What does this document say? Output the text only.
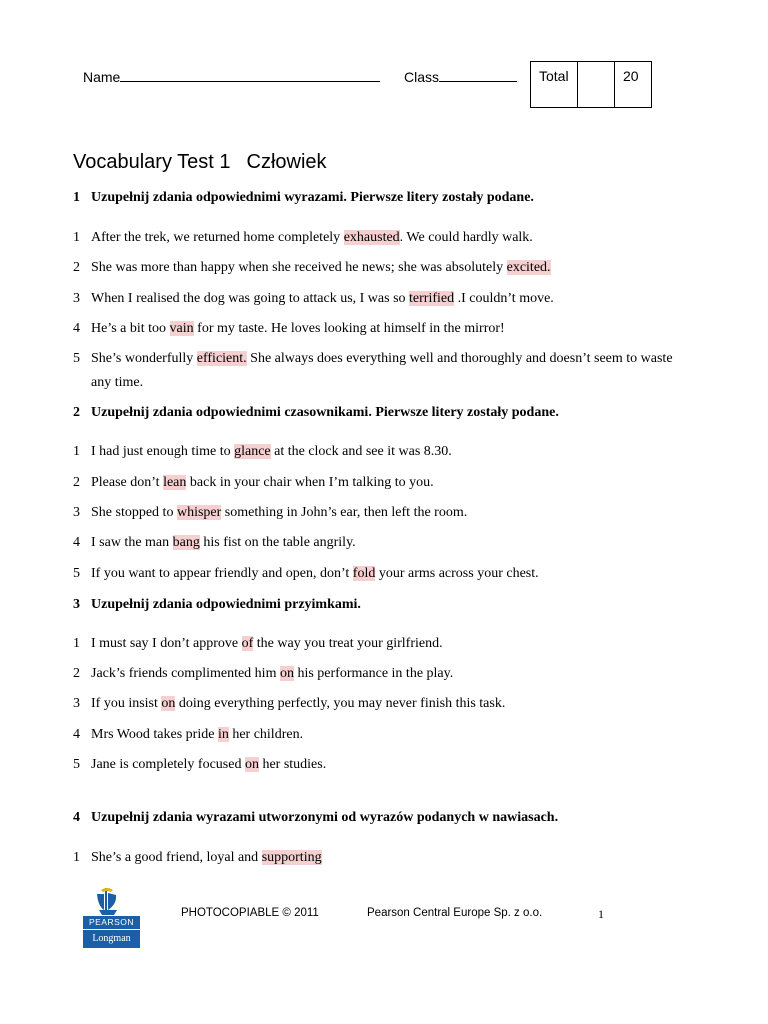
Name	Class	Total	20
Vocabulary Test 1 Człowiek
1 Uzupełnij zdania odpowiednimi wyrazami. Pierwsze litery zostały podane.
1 After the trek, we returned home completely exhausted. We could hardly walk.
2 She was more than happy when she received he news; she was absolutely excited.
3 When I realised the dog was going to attack us, I was so terrified .I couldn’t move.
4 He’s a bit too vain for my taste. He loves looking at himself in the mirror!
5 She’s wonderfully efficient. She always does everything well and thoroughly and doesn’t seem to waste
any time.
2 Uzupełnij zdania odpowiednimi czasownikami. Pierwsze litery zostały podane.
1 I had just enough time to glance at the clock and see it was 8.30.
2 Please don’t lean back in your chair when I’m talking to you.
3 She stopped to whisper something in John’s ear, then left the room.
4 I saw the man bang his fist on the table angrily.
5 If you want to appear friendly and open, don’t fold your arms across your chest.
3 Uzupełnij zdania odpowiednimi przyimkami.
1 I must say I don’t approve of the way you treat your girlfriend.
2 Jack’s friends complimented him on his performance in the play.
3 If you insist on doing everything perfectly, you may never finish this task.
4 Mrs Wood takes pride in her children.
5 Jane is completely focused on her studies.
4 Uzupełnij zdania wyrazami utworzonymi od wyrazów podanych w nawiasach.
1 She’s a good friend, loyal and supporting
PEARSON
Longman
PHOTOCOPIABLE © 2011	Pearson Central Europe Sp. z o.o.	1
